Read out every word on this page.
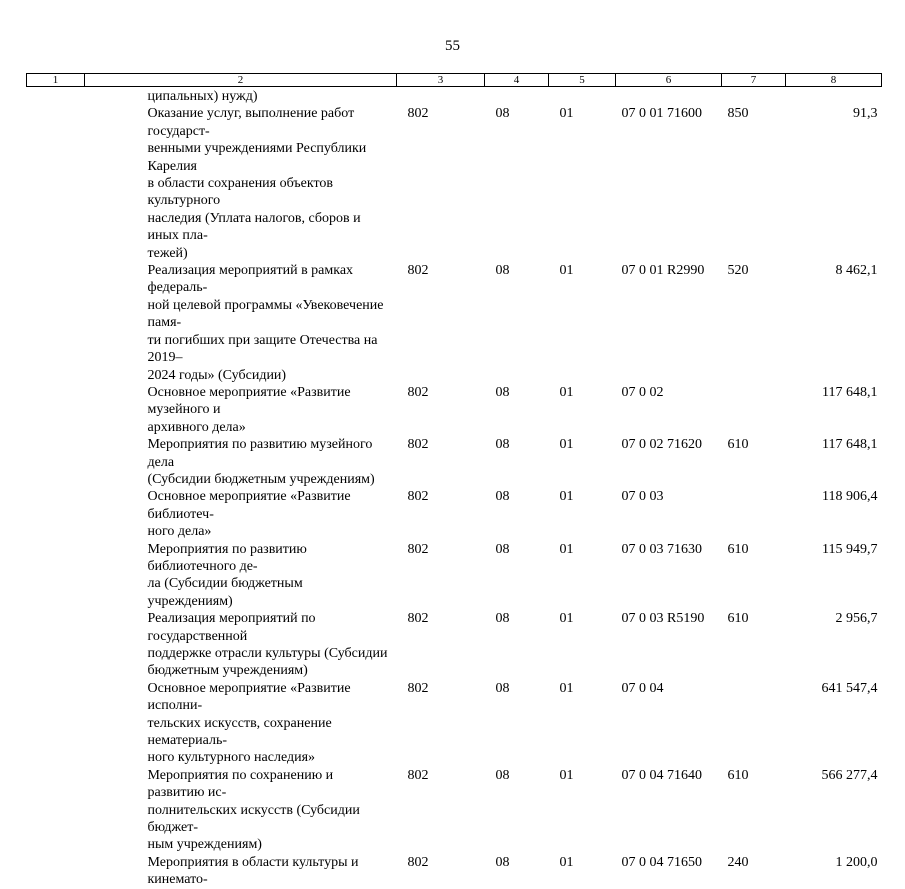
55
1	2	3	4	5	6	7	8
	ципальных) нужд)						

	Оказание услуг, выполнение работ государст-
венными учреждениями Республики Карелия
в области сохранения объектов культурного
наследия (Уплата налогов, сборов и иных пла-
тежей)	802	08	01	07 0 01 71600	850	91,3

	Реализация мероприятий в рамках федераль-
ной целевой программы «Увековечение памя-
ти погибших при защите Отечества на 2019–
2024 годы» (Субсидии)	802	08	01	07 0 01 R2990	520	8 462,1

	Основное мероприятие «Развитие музейного и
архивного дела»	802	08	01	07 0 02		117 648,1

	Мероприятия по развитию музейного дела
(Субсидии бюджетным учреждениям)	802	08	01	07 0 02 71620	610	117 648,1

	Основное мероприятие «Развитие библиотеч-
ного дела»	802	08	01	07 0 03		118 906,4

	Мероприятия по развитию библиотечного де-
ла (Субсидии бюджетным учреждениям)	802	08	01	07 0 03 71630	610	115 949,7

	Реализация мероприятий по государственной
поддержке отрасли культуры (Субсидии
бюджетным учреждениям)	802	08	01	07 0 03 R5190	610	2 956,7

	Основное мероприятие «Развитие исполни-
тельских искусств, сохранение нематериаль-
ного культурного наследия»	802	08	01	07 0 04		641 547,4

	Мероприятия по сохранению и развитию ис-
полнительских искусств (Субсидии бюджет-
ным учреждениям)	802	08	01	07 0 04 71640	610	566 277,4

	Мероприятия в области культуры и кинемато-	802	08	01	07 0 04 71650	240	1 200,0
